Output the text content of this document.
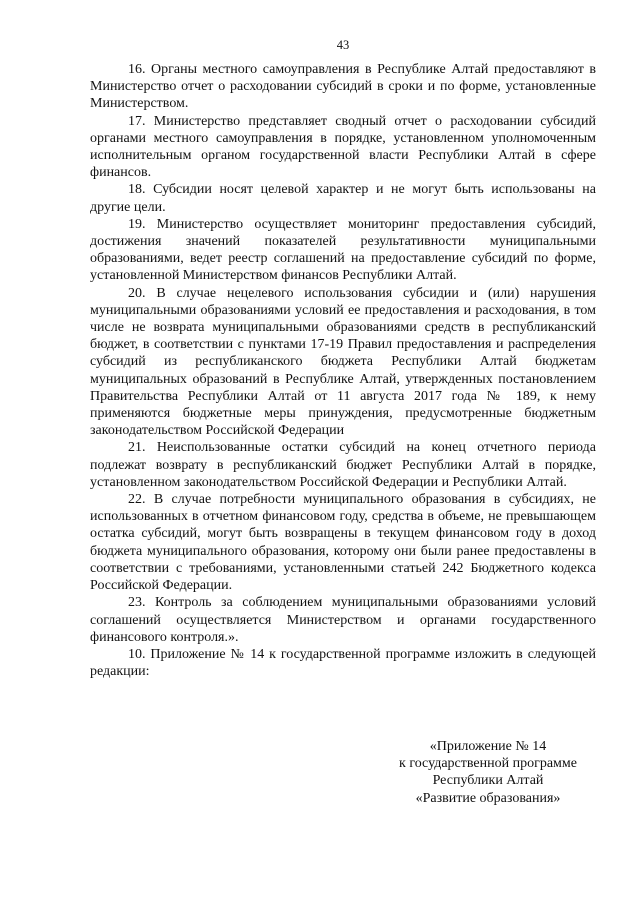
43

16. Органы местного самоуправления в Республике Алтай предоставляют в Министерство отчет о расходовании субсидий в сроки и по форме, установленные Министерством.

17. Министерство представляет сводный отчет о расходовании субсидий органами местного самоуправления в порядке, установленном уполномоченным исполнительным органом государственной власти Республики Алтай в сфере финансов.

18. Субсидии носят целевой характер и не могут быть использованы на другие цели.

19. Министерство осуществляет мониторинг предоставления субсидий, достижения значений показателей результативности муниципальными образованиями, ведет реестр соглашений на предоставление субсидий по форме, установленной Министерством финансов Республики Алтай.

20. В случае нецелевого использования субсидии и (или) нарушения муниципальными образованиями условий ее предоставления и расходования, в том числе не возврата муниципальными образованиями средств в республиканский бюджет, в соответствии с пунктами 17-19 Правил предоставления и распределения субсидий из республиканского бюджета Республики Алтай бюджетам муниципальных образований в Республике Алтай, утвержденных постановлением Правительства Республики Алтай от 11 августа 2017 года № 189, к нему применяются бюджетные меры принуждения, предусмотренные бюджетным законодательством Российской Федерации

21. Неиспользованные остатки субсидий на конец отчетного периода подлежат возврату в республиканский бюджет Республики Алтай в порядке, установленном законодательством Российской Федерации и Республики Алтай.

22. В случае потребности муниципального образования в субсидиях, не использованных в отчетном финансовом году, средства в объеме, не превышающем остатка субсидий, могут быть возвращены в текущем финансовом году в доход бюджета муниципального образования, которому они были ранее предоставлены в соответствии с требованиями, установленными статьей 242 Бюджетного кодекса Российской Федерации.

23. Контроль за соблюдением муниципальными образованиями условий соглашений осуществляется Министерством и органами государственного финансового контроля.».

10. Приложение № 14 к государственной программе изложить в следующей редакции:

«Приложение № 14
к государственной программе
Республики Алтай
«Развитие образования»
